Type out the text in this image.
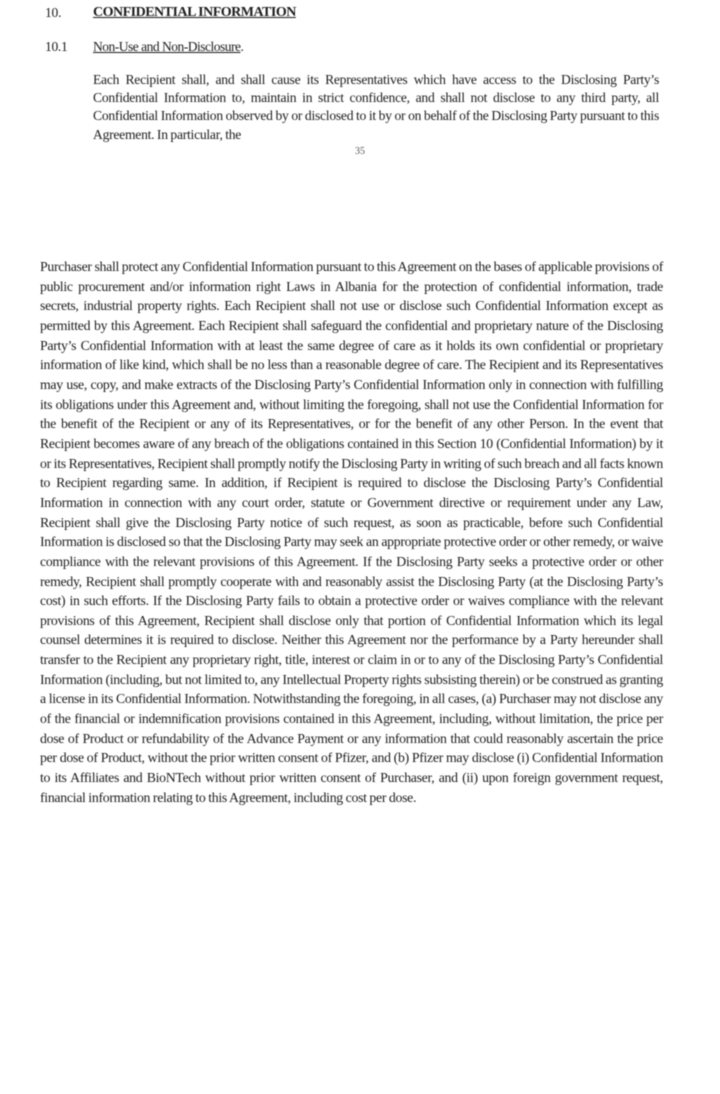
10. CONFIDENTIAL INFORMATION
10.1 Non-Use and Non-Disclosure.
Each Recipient shall, and shall cause its Representatives which have access to the Disclosing Party’s Confidential Information to, maintain in strict confidence, and shall not disclose to any third party, all Confidential Information observed by or disclosed to it by or on behalf of the Disclosing Party pursuant to this Agreement. In particular, the
35
Purchaser shall protect any Confidential Information pursuant to this Agreement on the bases of applicable provisions of public procurement and/or information right Laws in Albania for the protection of confidential information, trade secrets, industrial property rights. Each Recipient shall not use or disclose such Confidential Information except as permitted by this Agreement. Each Recipient shall safeguard the confidential and proprietary nature of the Disclosing Party’s Confidential Information with at least the same degree of care as it holds its own confidential or proprietary information of like kind, which shall be no less than a reasonable degree of care. The Recipient and its Representatives may use, copy, and make extracts of the Disclosing Party’s Confidential Information only in connection with fulfilling its obligations under this Agreement and, without limiting the foregoing, shall not use the Confidential Information for the benefit of the Recipient or any of its Representatives, or for the benefit of any other Person. In the event that Recipient becomes aware of any breach of the obligations contained in this Section 10 (Confidential Information) by it or its Representatives, Recipient shall promptly notify the Disclosing Party in writing of such breach and all facts known to Recipient regarding same. In addition, if Recipient is required to disclose the Disclosing Party’s Confidential Information in connection with any court order, statute or Government directive or requirement under any Law, Recipient shall give the Disclosing Party notice of such request, as soon as practicable, before such Confidential Information is disclosed so that the Disclosing Party may seek an appropriate protective order or other remedy, or waive compliance with the relevant provisions of this Agreement. If the Disclosing Party seeks a protective order or other remedy, Recipient shall promptly cooperate with and reasonably assist the Disclosing Party (at the Disclosing Party’s cost) in such efforts. If the Disclosing Party fails to obtain a protective order or waives compliance with the relevant provisions of this Agreement, Recipient shall disclose only that portion of Confidential Information which its legal counsel determines it is required to disclose. Neither this Agreement nor the performance by a Party hereunder shall transfer to the Recipient any proprietary right, title, interest or claim in or to any of the Disclosing Party’s Confidential Information (including, but not limited to, any Intellectual Property rights subsisting therein) or be construed as granting a license in its Confidential Information. Notwithstanding the foregoing, in all cases, (a) Purchaser may not disclose any of the financial or indemnification provisions contained in this Agreement, including, without limitation, the price per dose of Product or refundability of the Advance Payment or any information that could reasonably ascertain the price per dose of Product, without the prior written consent of Pfizer, and (b) Pfizer may disclose (i) Confidential Information to its Affiliates and BioNTech without prior written consent of Purchaser, and (ii) upon foreign government request, financial information relating to this Agreement, including cost per dose.
